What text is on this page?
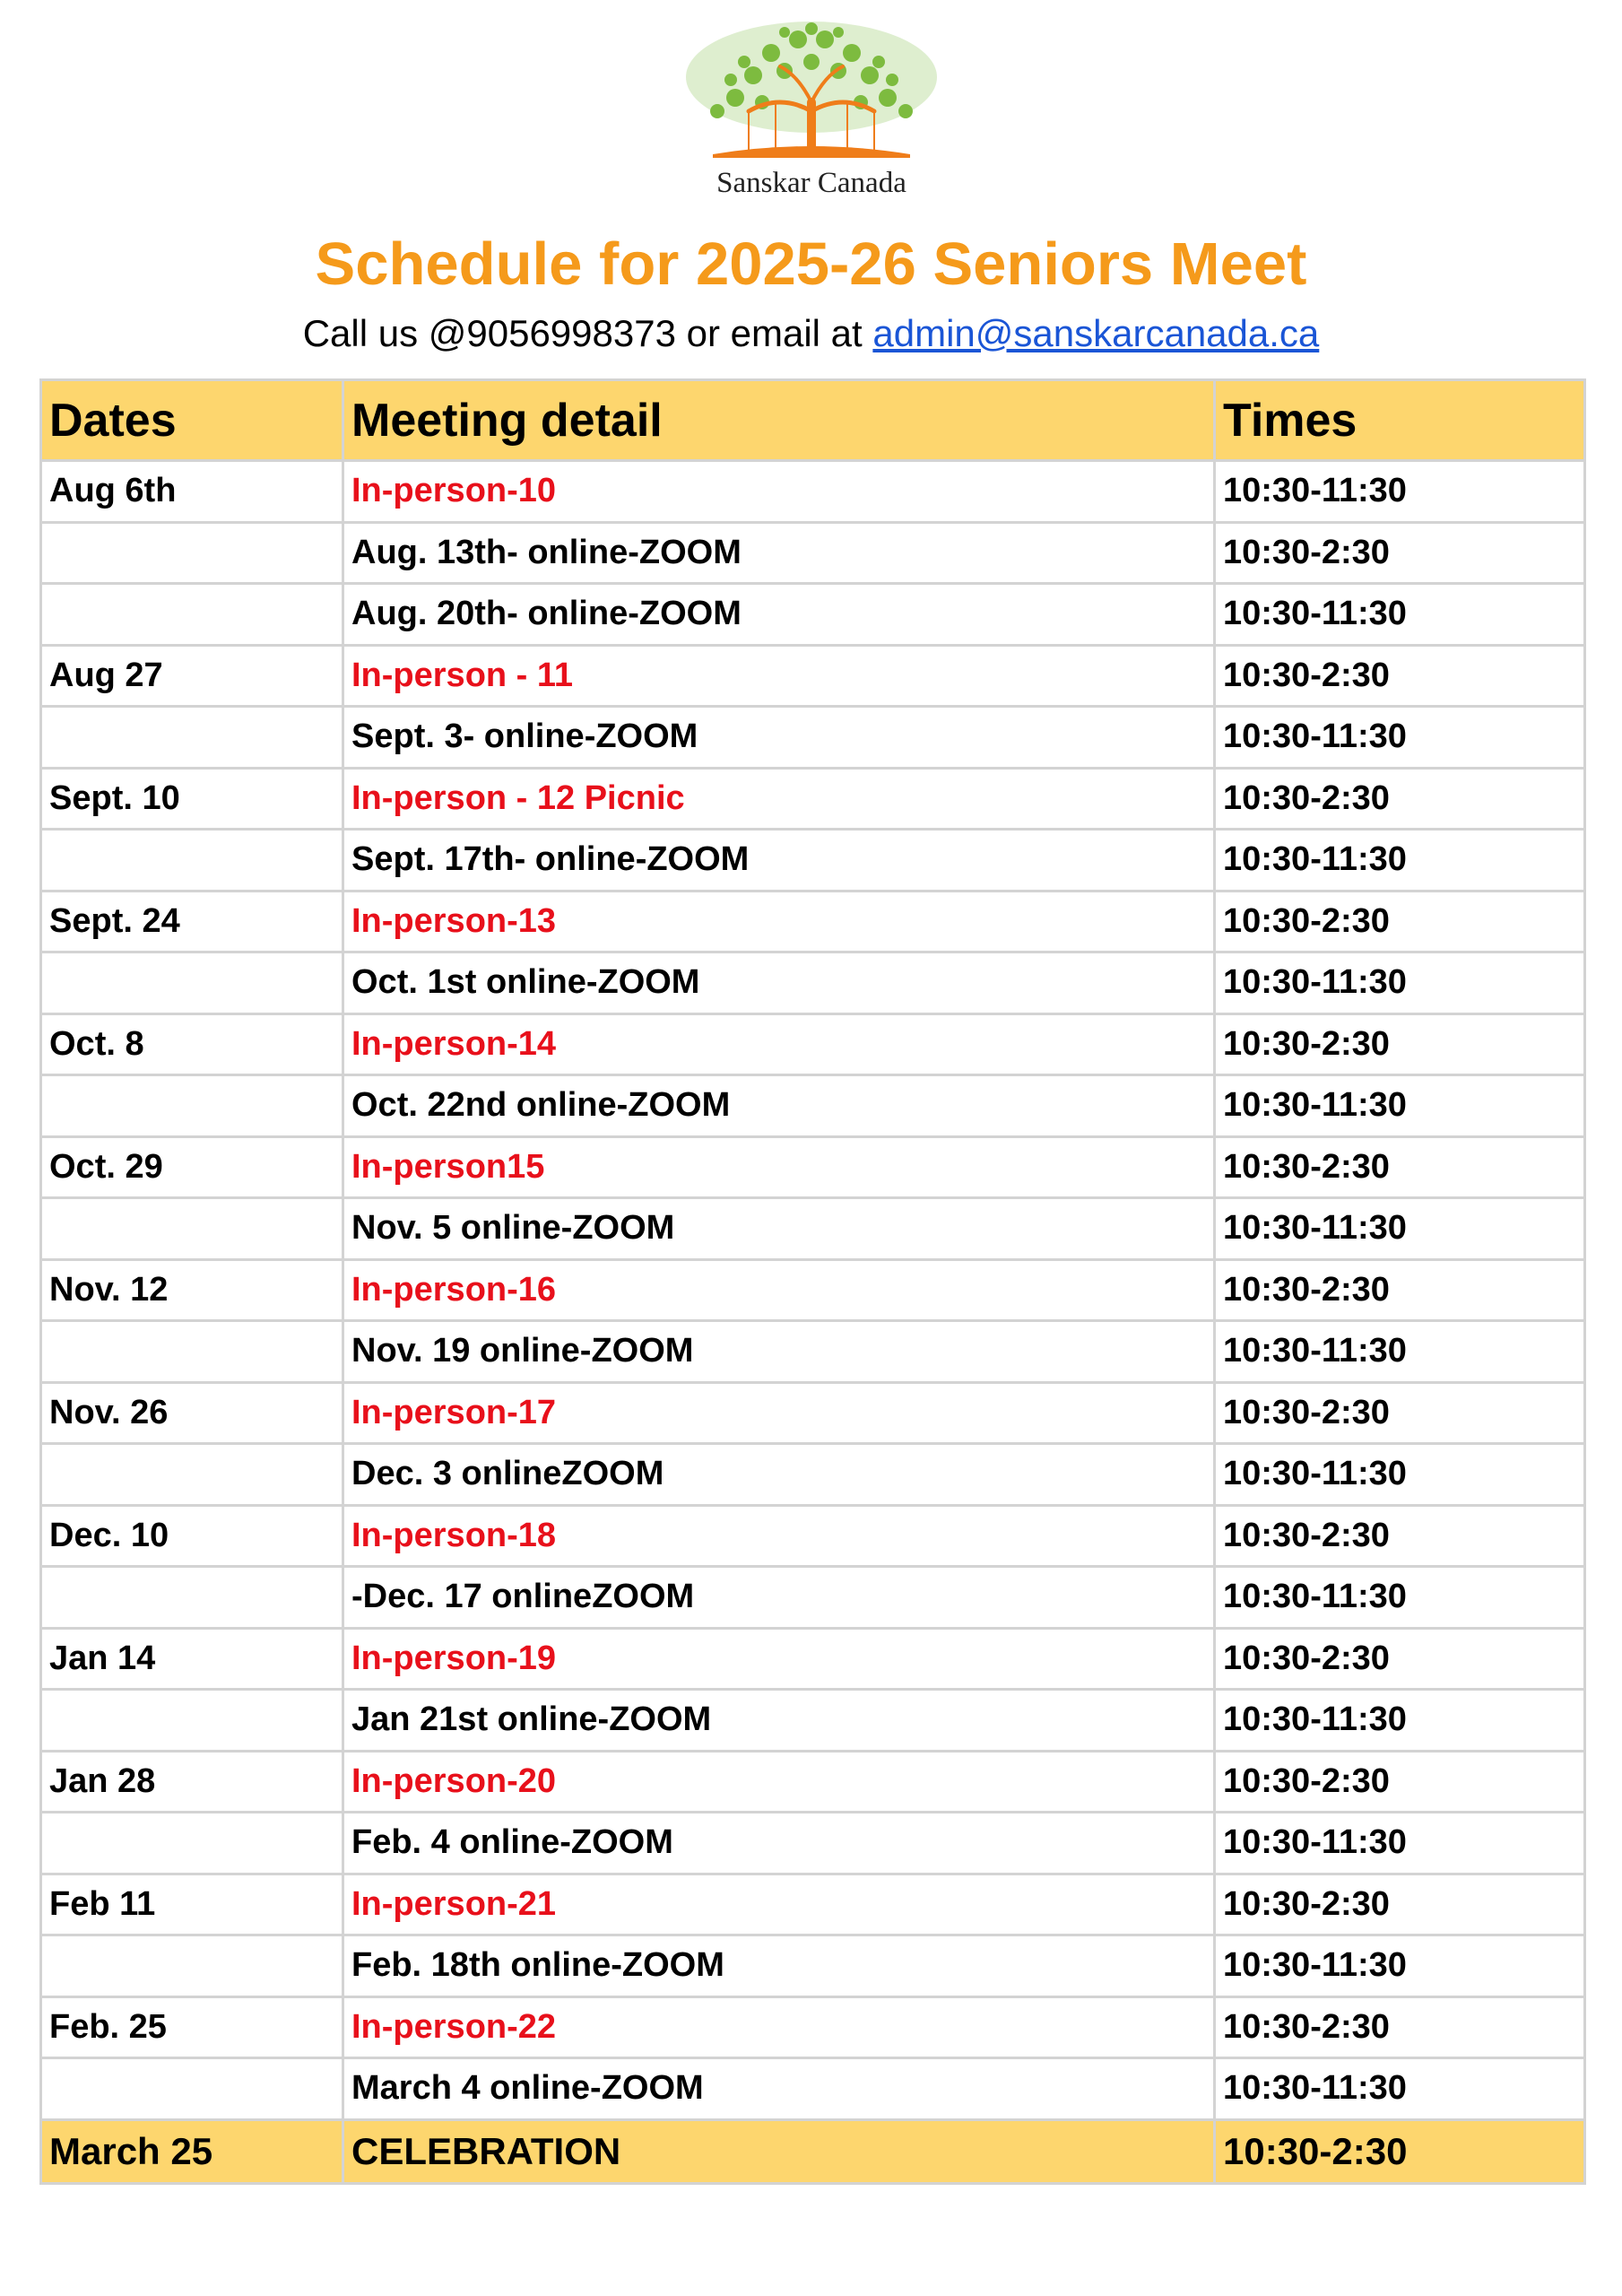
Sanskar Canada
Schedule for 2025-26 Seniors Meet
Call us @9056998373 or email at admin@sanskarcanada.ca
Dates	Meeting detail	Times
Aug 6th	In-person-10	10:30-11:30
	Aug. 13th- online-ZOOM	10:30-2:30
	Aug. 20th- online-ZOOM	10:30-11:30
Aug 27	In-person - 11	10:30-2:30
	Sept. 3- online-ZOOM	10:30-11:30
Sept. 10	In-person - 12 Picnic	10:30-2:30
	Sept. 17th- online-ZOOM	10:30-11:30
Sept. 24	In-person-13	10:30-2:30
	Oct. 1st online-ZOOM	10:30-11:30
Oct. 8	In-person-14	10:30-2:30
	Oct. 22nd online-ZOOM	10:30-11:30
Oct. 29	In-person15	10:30-2:30
	Nov. 5 online-ZOOM	10:30-11:30
Nov. 12	In-person-16	10:30-2:30
	Nov. 19 online-ZOOM	10:30-11:30
Nov. 26	In-person-17	10:30-2:30
	Dec. 3 onlineZOOM	10:30-11:30
Dec. 10	In-person-18	10:30-2:30
	-Dec. 17 onlineZOOM	10:30-11:30
Jan 14	In-person-19	10:30-2:30
	Jan 21st online-ZOOM	10:30-11:30
Jan 28	In-person-20	10:30-2:30
	Feb. 4 online-ZOOM	10:30-11:30
Feb 11	In-person-21	10:30-2:30
	Feb. 18th online-ZOOM	10:30-11:30
Feb. 25	In-person-22	10:30-2:30
	March 4 online-ZOOM	10:30-11:30
March 25	CELEBRATION	10:30-2:30
